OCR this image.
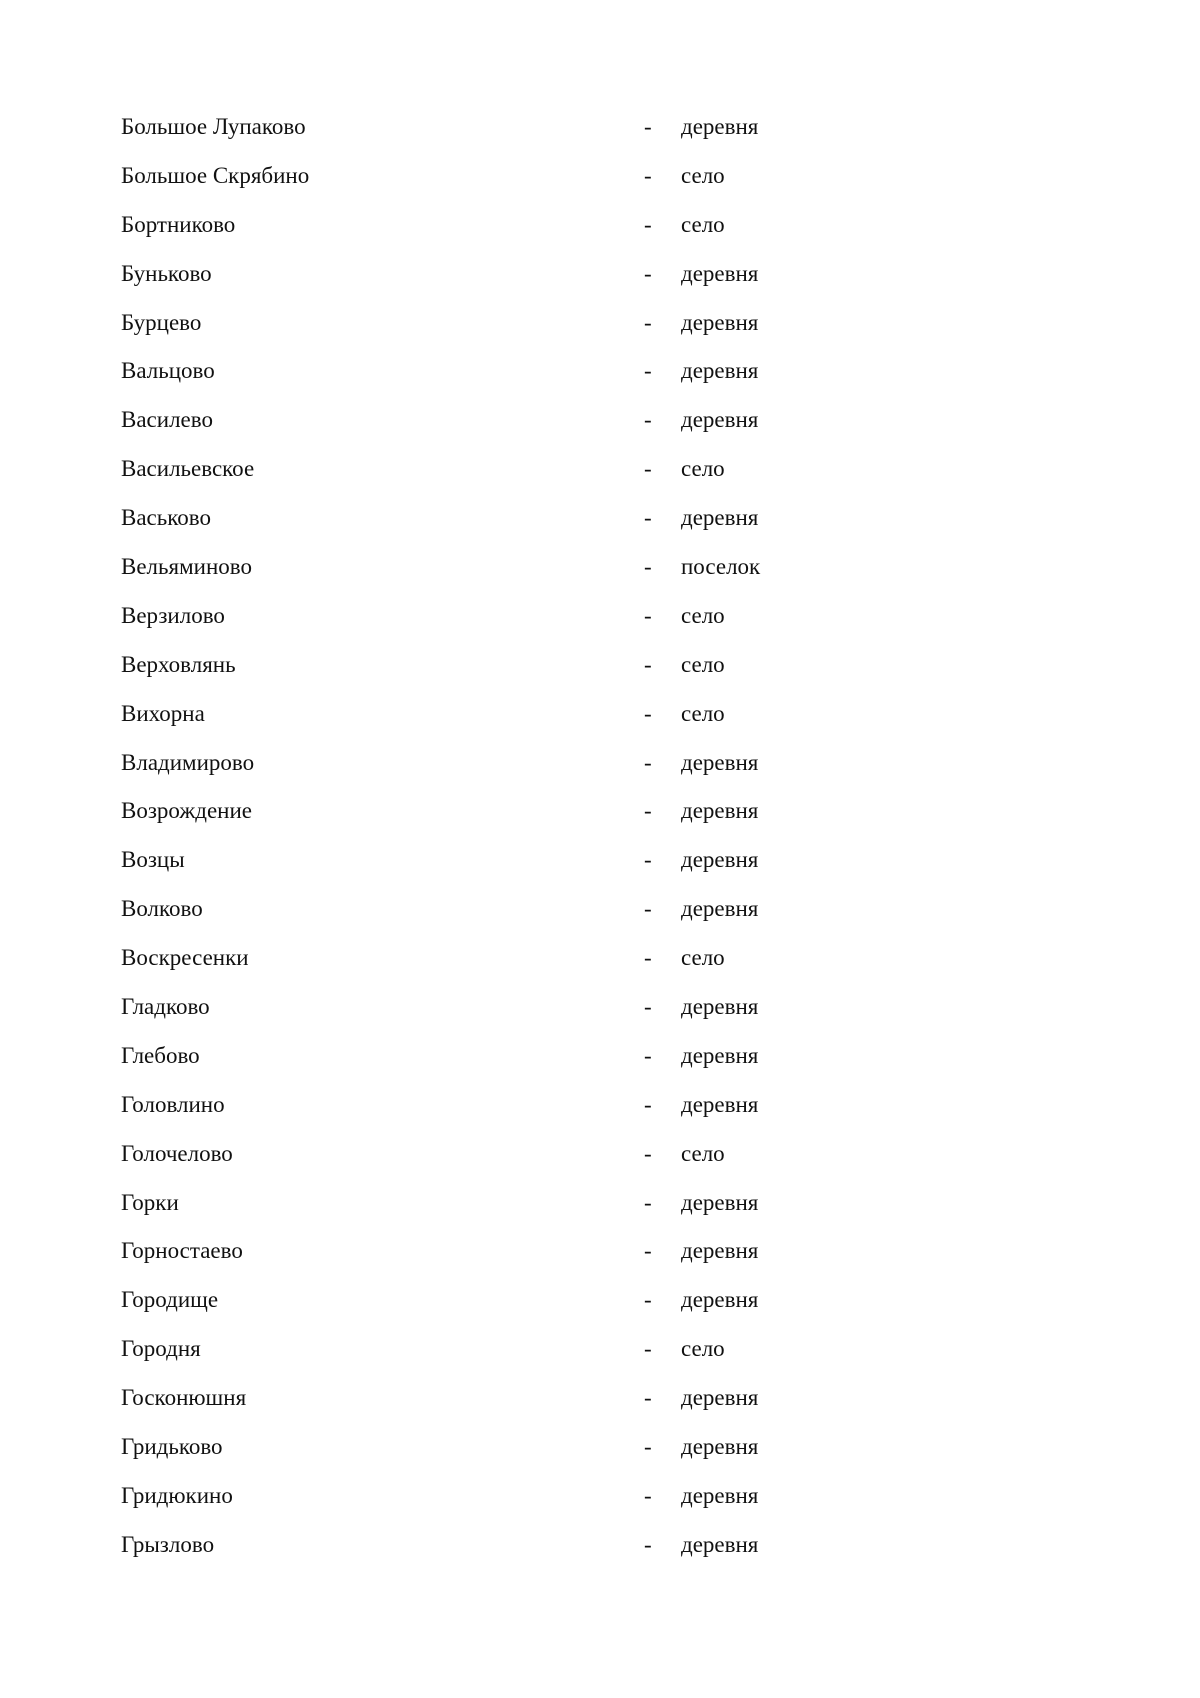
Большое Лупаково	- деревня
Большое Скрябино	- село
Бортниково	- село
Буньково	- деревня
Бурцево	- деревня
Вальцово	- деревня
Василево	- деревня
Васильевское	- село
Васьково	- деревня
Вельяминово	- поселок
Верзилово	- село
Верховлянь	- село
Вихорна	- село
Владимирово	- деревня
Возрождение	- деревня
Возцы	- деревня
Волково	- деревня
Воскресенки	- село
Гладково	- деревня
Глебово	- деревня
Головлино	- деревня
Голочелово	- село
Горки	- деревня
Горностаево	- деревня
Городище	- деревня
Городня	- село
Госконюшня	- деревня
Гридьково	- деревня
Гридюкино	- деревня
Грызлово	- деревня
